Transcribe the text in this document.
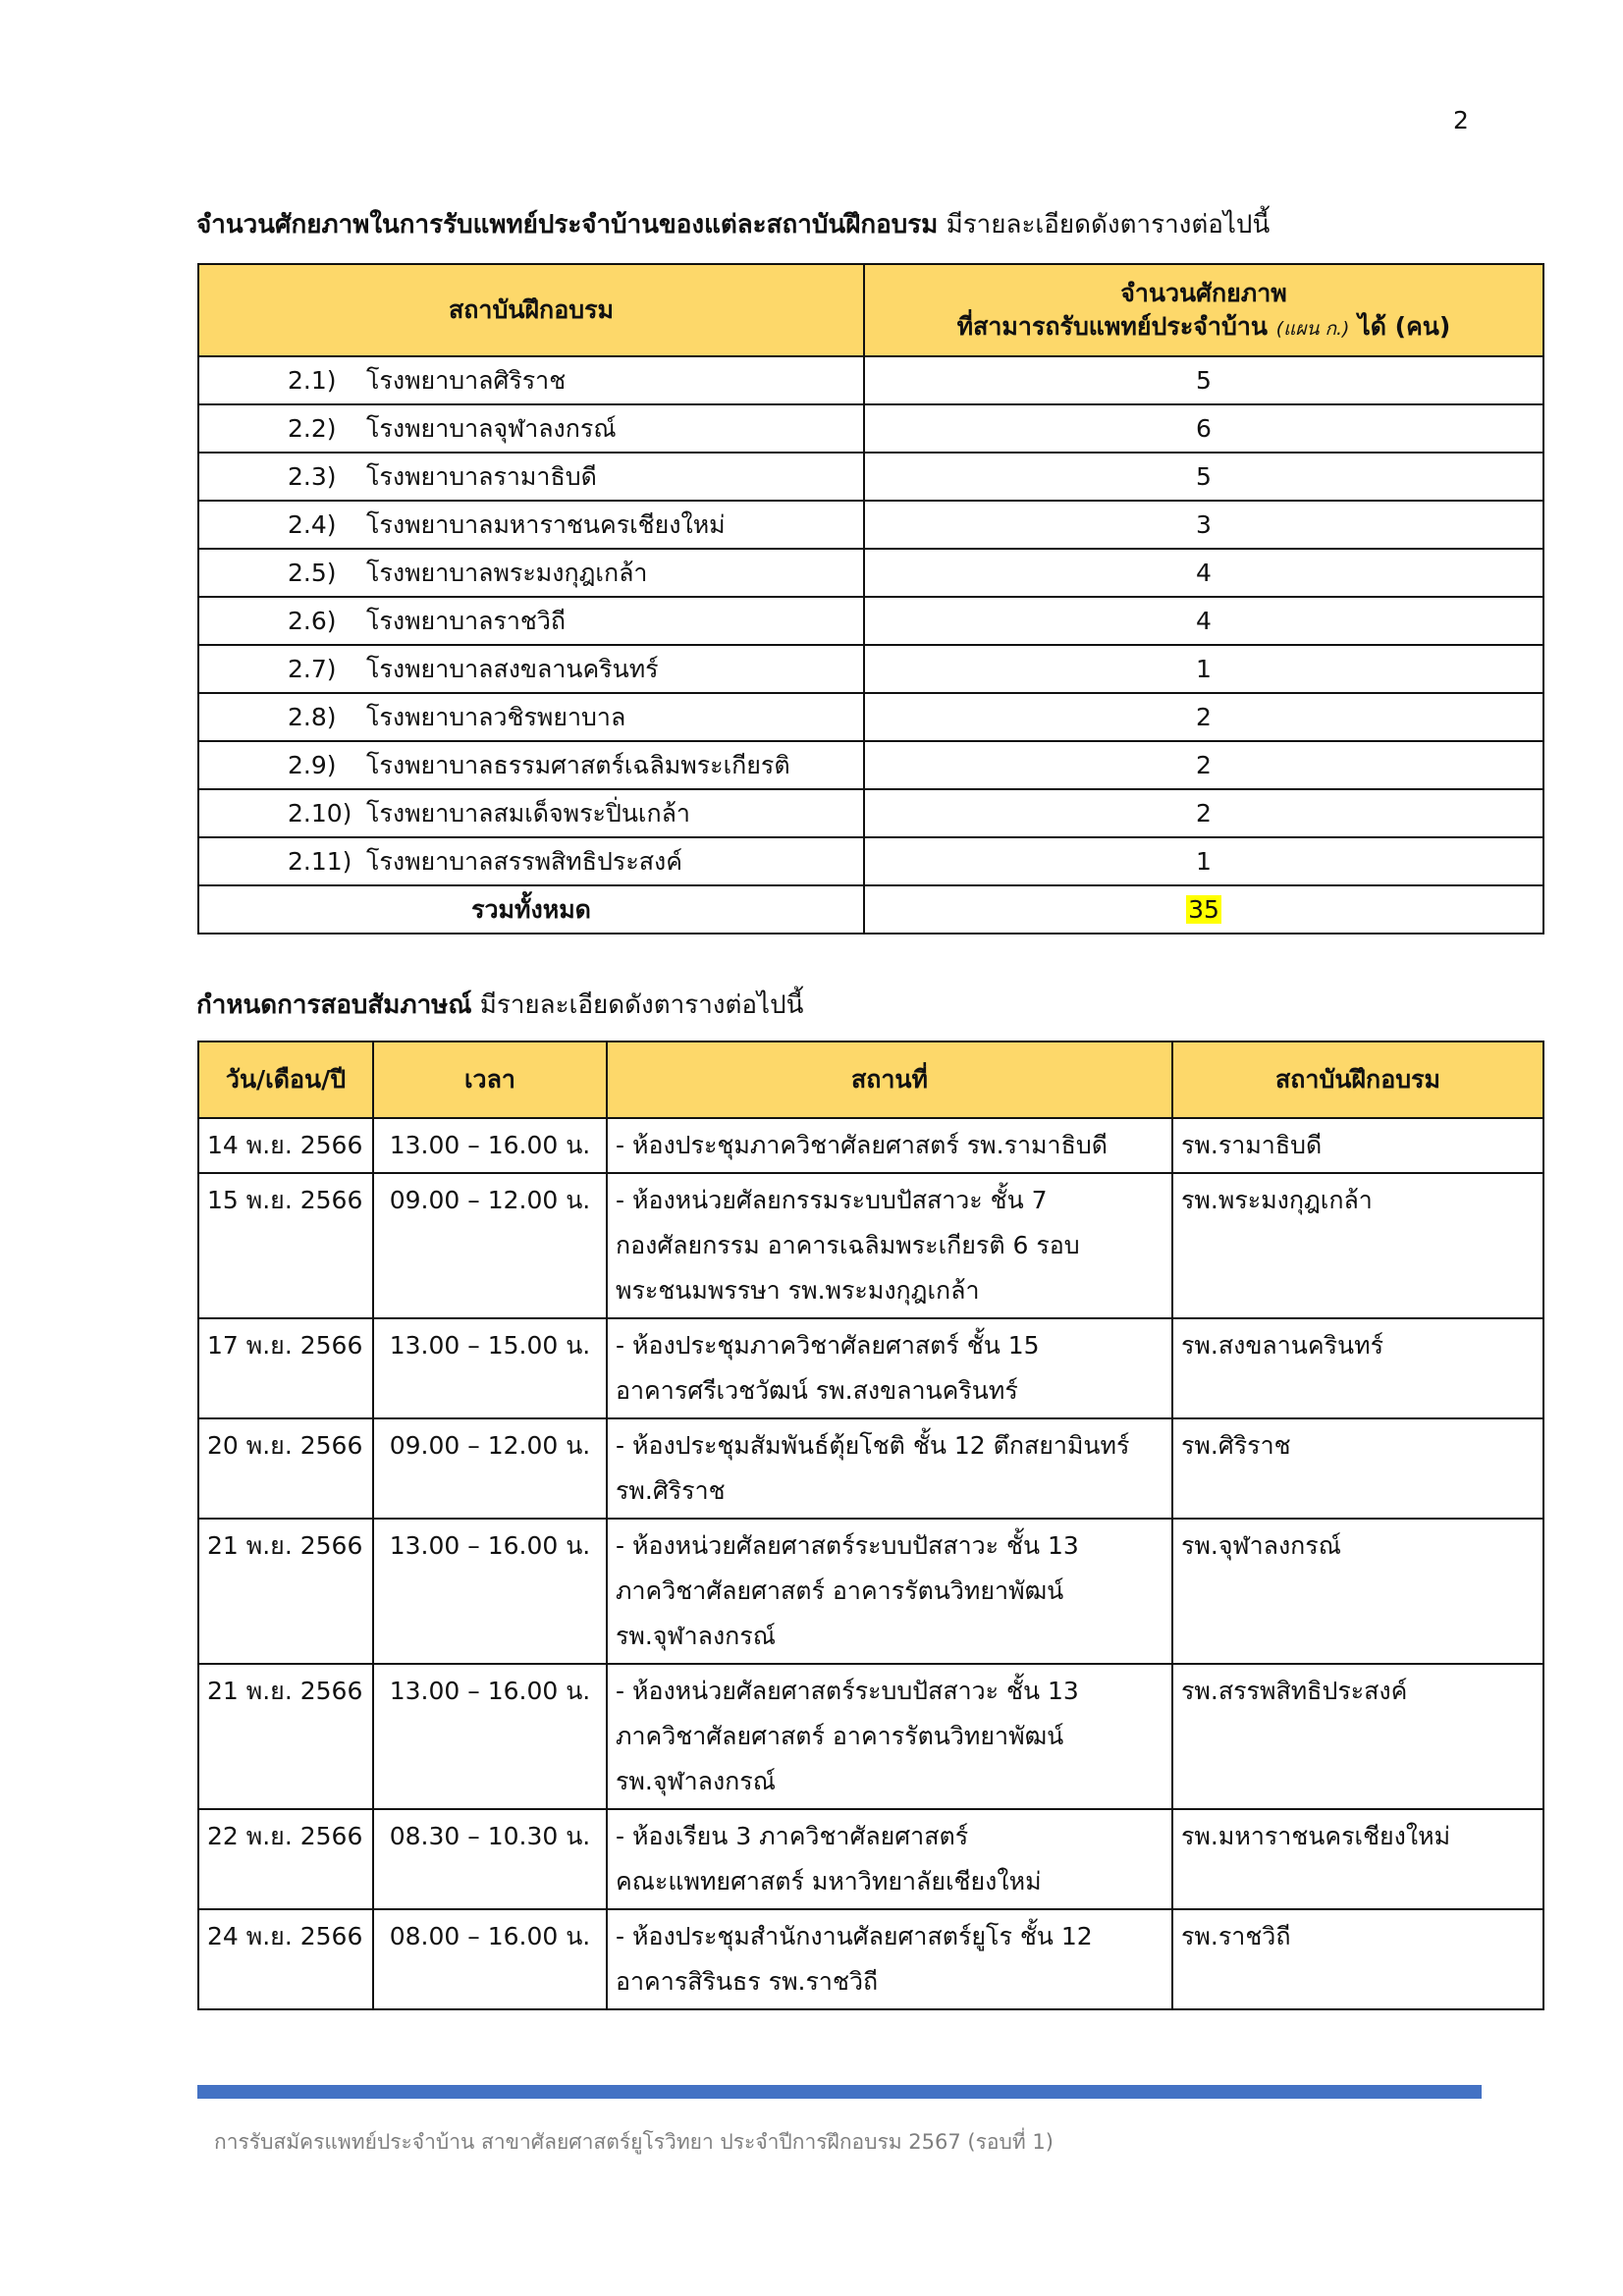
2
จำนวนศักยภาพในการรับแพทย์ประจำบ้านของแต่ละสถาบันฝึกอบรม มีรายละเอียดดังตารางต่อไปนี้
สถาบันฝึกอบรม	จำนวนศักยภาพ
ที่สามารถรับแพทย์ประจำบ้าน (แผน ก.) ได้ (คน)

2.1) โรงพยาบาลศิริราช	5
2.2) โรงพยาบาลจุฬาลงกรณ์	6
2.3) โรงพยาบาลรามาธิบดี	5
2.4) โรงพยาบาลมหาราชนครเชียงใหม่	3
2.5) โรงพยาบาลพระมงกุฎเกล้า	4
2.6) โรงพยาบาลราชวิถี	4
2.7) โรงพยาบาลสงขลานครินทร์	1
2.8) โรงพยาบาลวชิรพยาบาล	2
2.9) โรงพยาบาลธรรมศาสตร์เฉลิมพระเกียรติ	2
2.10) โรงพยาบาลสมเด็จพระปิ่นเกล้า	2
2.11) โรงพยาบาลสรรพสิทธิประสงค์	1
รวมทั้งหมด	35
กำหนดการสอบสัมภาษณ์ มีรายละเอียดดังตารางต่อไปนี้
วัน/เดือน/ปี	เวลา	สถานที่	สถาบันฝึกอบรม
14 พ.ย. 2566	13.00 – 16.00 น.	- ห้องประชุมภาควิชาศัลยศาสตร์ รพ.รามาธิบดี	รพ.รามาธิบดี
15 พ.ย. 2566	09.00 – 12.00 น.	- ห้องหน่วยศัลยกรรมระบบปัสสาวะ ชั้น 7
กองศัลยกรรม อาคารเฉลิมพระเกียรติ 6 รอบ
พระชนมพรรษา รพ.พระมงกุฎเกล้า	รพ.พระมงกุฎเกล้า
17 พ.ย. 2566	13.00 – 15.00 น.	- ห้องประชุมภาควิชาศัลยศาสตร์ ชั้น 15
อาคารศรีเวชวัฒน์ รพ.สงขลานครินทร์	รพ.สงขลานครินทร์
20 พ.ย. 2566	09.00 – 12.00 น.	- ห้องประชุมสัมพันธ์ตุ้ยโชติ ชั้น 12 ตึกสยามินทร์
รพ.ศิริราช	รพ.ศิริราช
21 พ.ย. 2566	13.00 – 16.00 น.	- ห้องหน่วยศัลยศาสตร์ระบบปัสสาวะ ชั้น 13
ภาควิชาศัลยศาสตร์ อาคารรัตนวิทยาพัฒน์
รพ.จุฬาลงกรณ์	รพ.จุฬาลงกรณ์
21 พ.ย. 2566	13.00 – 16.00 น.	- ห้องหน่วยศัลยศาสตร์ระบบปัสสาวะ ชั้น 13
ภาควิชาศัลยศาสตร์ อาคารรัตนวิทยาพัฒน์
รพ.จุฬาลงกรณ์	รพ.สรรพสิทธิประสงค์
22 พ.ย. 2566	08.30 – 10.30 น.	- ห้องเรียน 3 ภาควิชาศัลยศาสตร์
คณะแพทยศาสตร์ มหาวิทยาลัยเชียงใหม่	รพ.มหาราชนครเชียงใหม่
24 พ.ย. 2566	08.00 – 16.00 น.	- ห้องประชุมสำนักงานศัลยศาสตร์ยูโร ชั้น 12
อาคารสิรินธร รพ.ราชวิถี	รพ.ราชวิถี
การรับสมัครแพทย์ประจำบ้าน สาขาศัลยศาสตร์ยูโรวิทยา ประจำปีการฝึกอบรม 2567 (รอบที่ 1)
